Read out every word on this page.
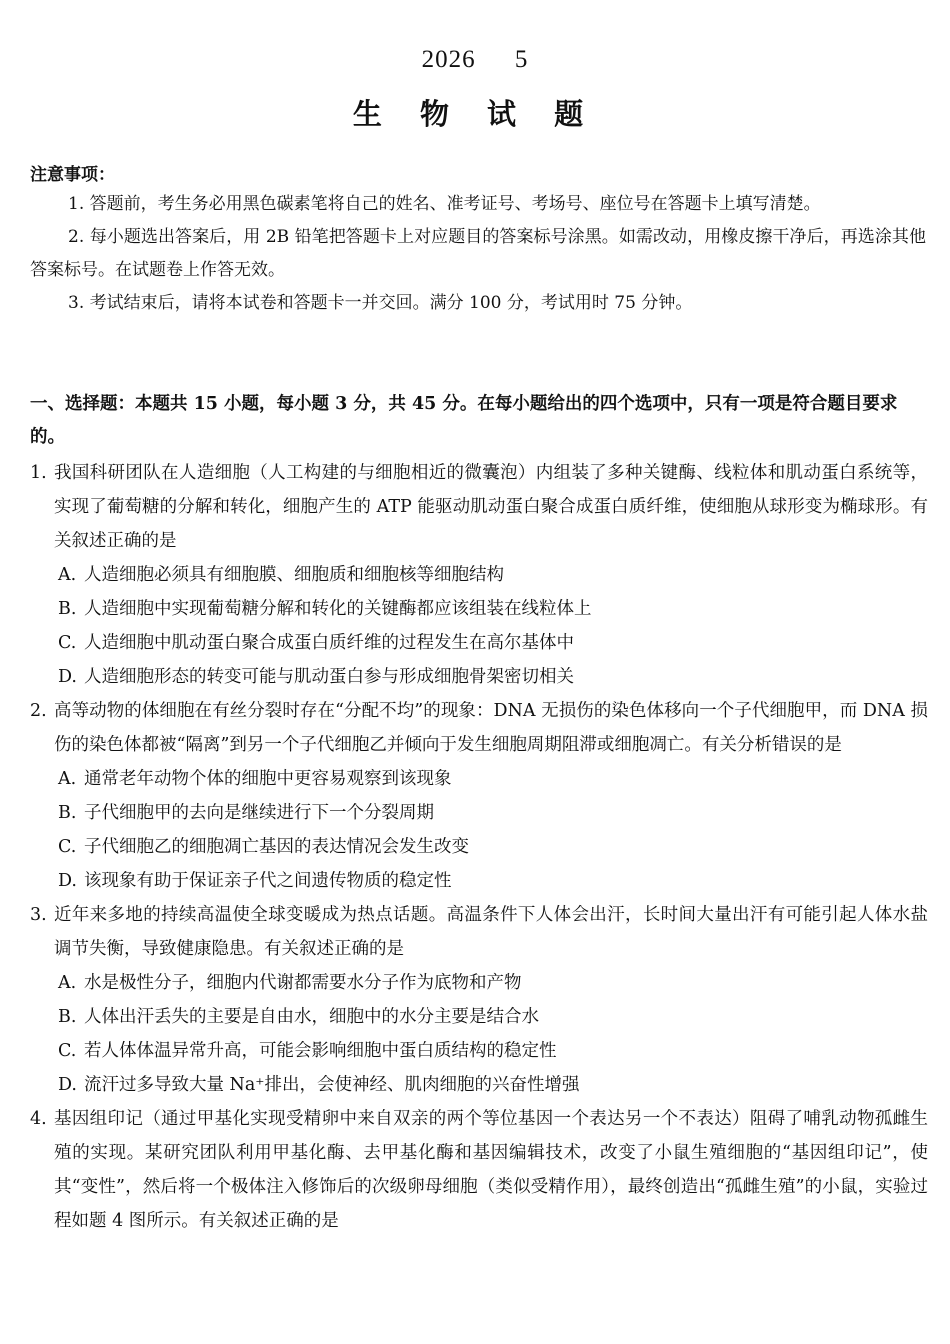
2026 5
生 物 试 题
注意事项：

1. 答题前，考生务必用黑色碳素笔将自己的姓名、准考证号、考场号、座位号在答题卡上填写清楚。

2. 每小题选出答案后，用 2B 铅笔把答题卡上对应题目的答案标号涂黑。如需改动，用橡皮擦干净后，再选涂其他答案标号。在试题卷上作答无效。

3. 考试结束后，请将本试卷和答题卡一并交回。满分 100 分，考试用时 75 分钟。

一、选择题：本题共 15 小题，每小题 3 分，共 45 分。在每小题给出的四个选项中，只有一项是符合题目要求的。
1. 我国科研团队在人造细胞（人工构建的与细胞相近的微囊泡）内组装了多种关键酶、线粒体和肌动蛋白系统等，实现了葡萄糖的分解和转化，细胞产生的 ATP 能驱动肌动蛋白聚合成蛋白质纤维，使细胞从球形变为椭球形。有关叙述正确的是
A. 人造细胞必须具有细胞膜、细胞质和细胞核等细胞结构
B. 人造细胞中实现葡萄糖分解和转化的关键酶都应该组装在线粒体上
C. 人造细胞中肌动蛋白聚合成蛋白质纤维的过程发生在高尔基体中
D. 人造细胞形态的转变可能与肌动蛋白参与形成细胞骨架密切相关
2. 高等动物的体细胞在有丝分裂时存在“分配不均”的现象：DNA 无损伤的染色体移向一个子代细胞甲，而 DNA 损伤的染色体都被“隔离”到另一个子代细胞乙并倾向于发生细胞周期阻滞或细胞凋亡。有关分析错误的是
A. 通常老年动物个体的细胞中更容易观察到该现象
B. 子代细胞甲的去向是继续进行下一个分裂周期
C. 子代细胞乙的细胞凋亡基因的表达情况会发生改变
D. 该现象有助于保证亲子代之间遗传物质的稳定性
3. 近年来多地的持续高温使全球变暖成为热点话题。高温条件下人体会出汗，长时间大量出汗有可能引起人体水盐调节失衡，导致健康隐患。有关叙述正确的是
A. 水是极性分子，细胞内代谢都需要水分子作为底物和产物
B. 人体出汗丢失的主要是自由水，细胞中的水分主要是结合水
C. 若人体体温异常升高，可能会影响细胞中蛋白质结构的稳定性
D. 流汗过多导致大量 Na⁺排出，会使神经、肌肉细胞的兴奋性增强
4. 基因组印记（通过甲基化实现受精卵中来自双亲的两个等位基因一个表达另一个不表达）阻碍了哺乳动物孤雌生殖的实现。某研究团队利用甲基化酶、去甲基化酶和基因编辑技术，改变了小鼠生殖细胞的“基因组印记”，使其“变性”，然后将一个极体注入修饰后的次级卵母细胞（类似受精作用），最终创造出“孤雌生殖”的小鼠，实验过程如题 4 图所示。有关叙述正确的是
